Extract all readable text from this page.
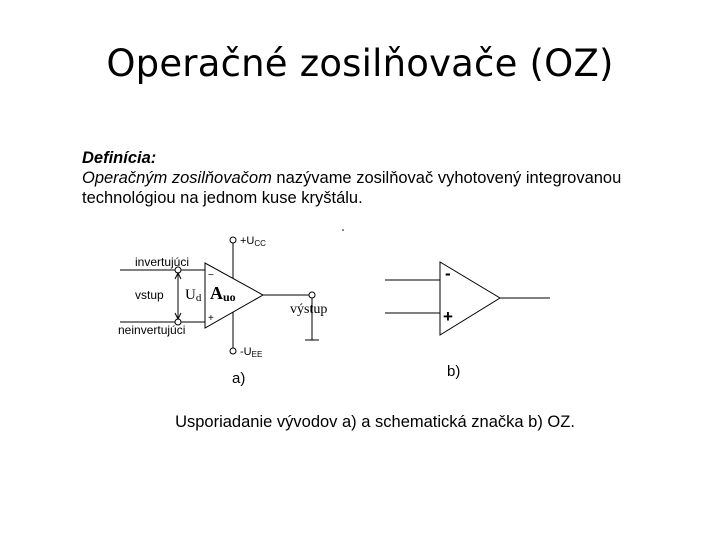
Operačné zosilňovače (OZ)
Definícia:
Operačným zosilňovačom nazývame zosilňovač vyhotovený integrovanou
technológiou na jednom kuse kryštálu.
invertujúci
vstup
neinvertujúci
Ud Auo
−
+
výstup
+UCC
-UEE
a)
-
+
b)
Usporiadanie vývodov a) a schematická značka b) OZ.
